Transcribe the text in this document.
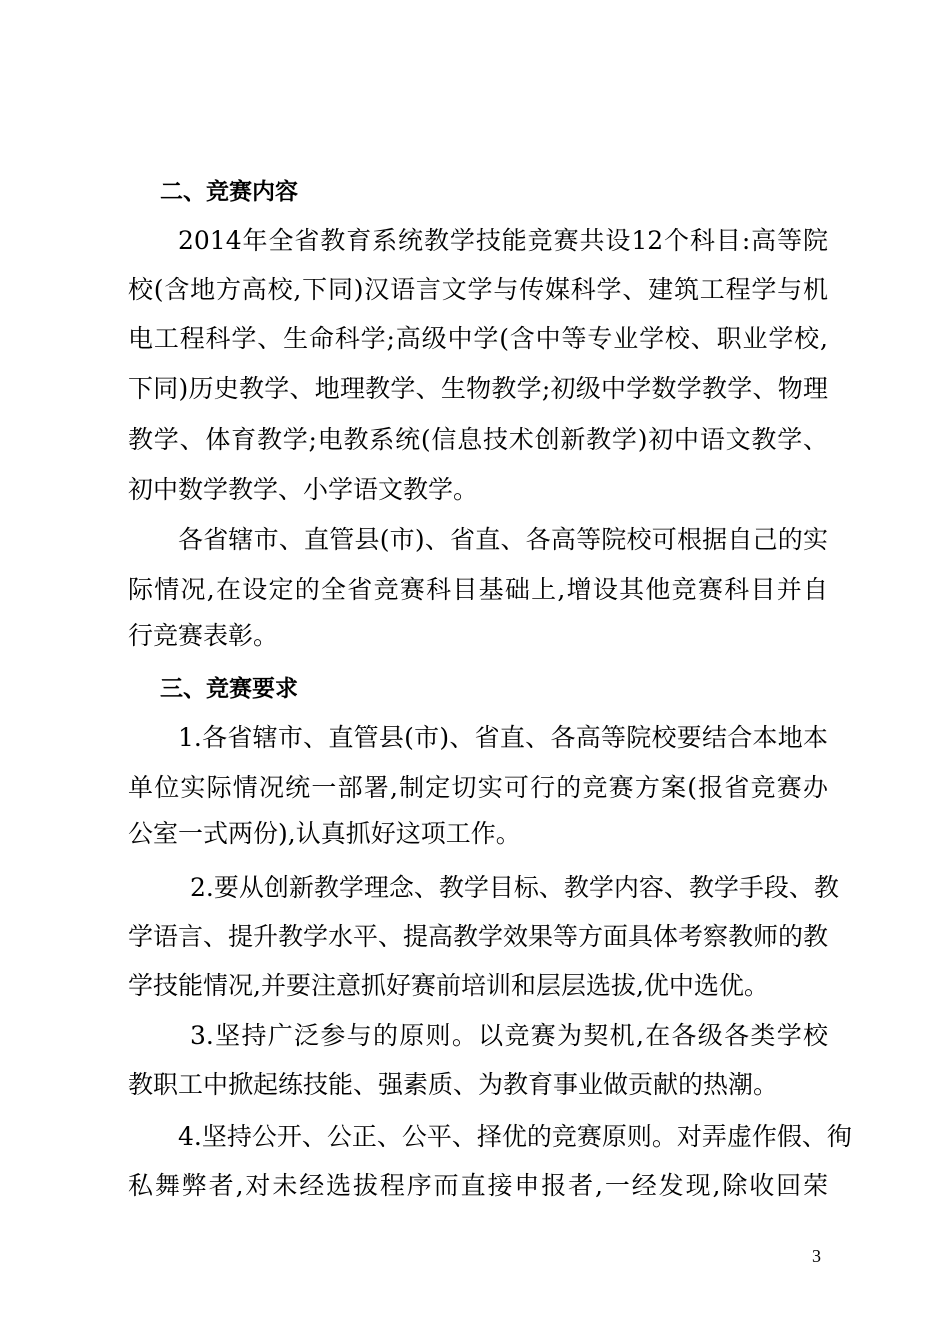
二、竞赛内容
2014年全省教育系统教学技能竞赛共设12个科目:高等院
校(含地方高校,下同)汉语言文学与传媒科学、建筑工程学与机
电工程科学、生命科学;高级中学(含中等专业学校、职业学校,
下同)历史教学、地理教学、生物教学;初级中学数学教学、物理
教学、体育教学;电教系统(信息技术创新教学)初中语文教学、
初中数学教学、小学语文教学。
各省辖市、直管县(市)、省直、各高等院校可根据自己的实
际情况,在设定的全省竞赛科目基础上,增设其他竞赛科目并自
行竞赛表彰。
三、竞赛要求
1.各省辖市、直管县(市)、省直、各高等院校要结合本地本
单位实际情况统一部署,制定切实可行的竞赛方案(报省竞赛办
公室一式两份),认真抓好这项工作。
2.要从创新教学理念、教学目标、教学内容、教学手段、教
学语言、提升教学水平、提高教学效果等方面具体考察教师的教
学技能情况,并要注意抓好赛前培训和层层选拔,优中选优。
3.坚持广泛参与的原则。以竞赛为契机,在各级各类学校
教职工中掀起练技能、强素质、为教育事业做贡献的热潮。
4.坚持公开、公正、公平、择优的竞赛原则。对弄虚作假、徇
私舞弊者,对未经选拔程序而直接申报者,一经发现,除收回荣
3
